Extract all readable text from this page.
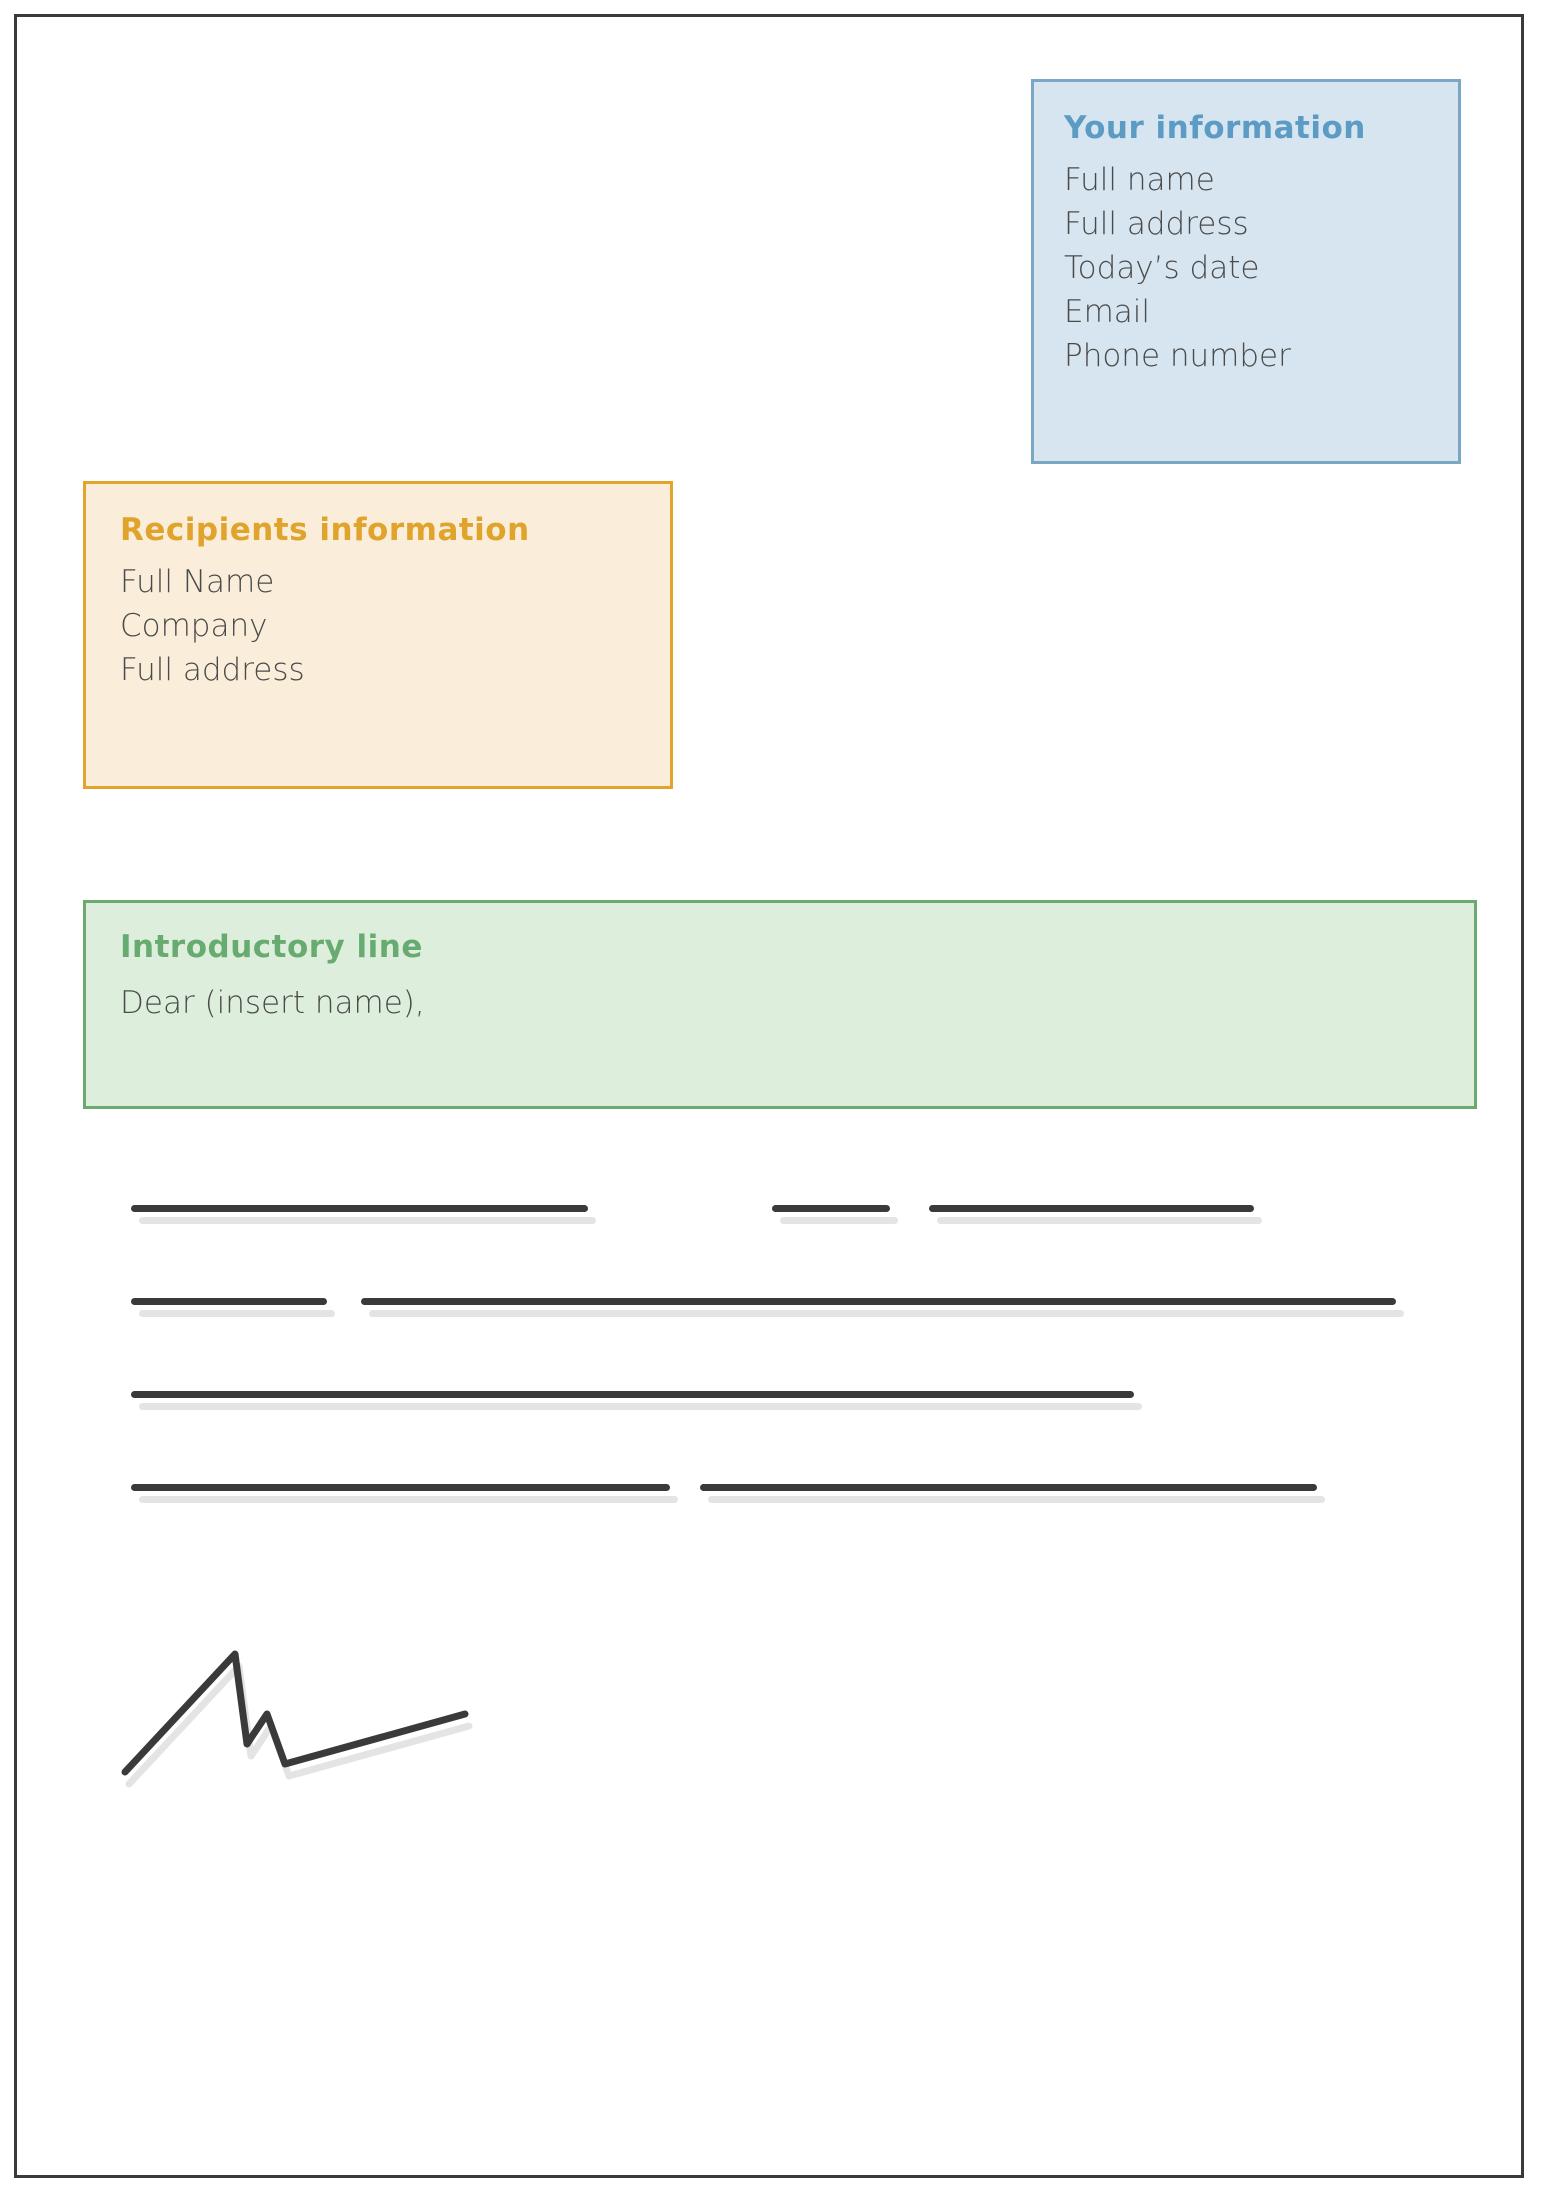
Your information

Full name

Full address

Today’s date

Email

Phone number

Recipients information

Full Name

Company

Full address

Introductory line

Dear (insert name),
